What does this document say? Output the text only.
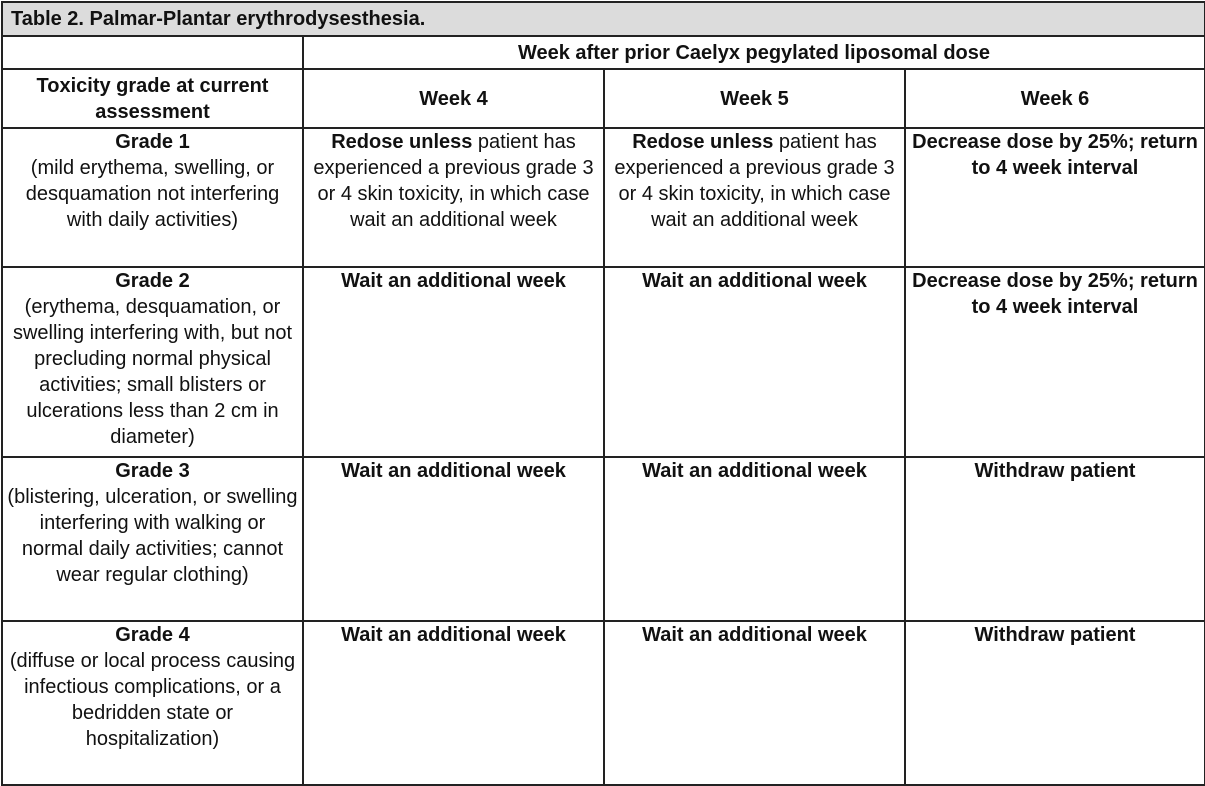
Table 2. Palmar-Plantar erythrodysesthesia.			
	Week after prior Caelyx pegylated liposomal dose		
Toxicity grade at current assessment	Week 4	Week 5	Week 6

Grade 1
(mild erythema, swelling, or desquamation not interfering with daily activities)	Redose unless patient has experienced a previous grade 3 or 4 skin toxicity, in which case wait an additional week	Redose unless patient has experienced a previous grade 3 or 4 skin toxicity, in which case wait an additional week	Decrease dose by 25%; return to 4 week interval

Grade 2
(erythema, desquamation, or swelling interfering with, but not precluding normal physical activities; small blisters or ulcerations less than 2 cm in diameter)	Wait an additional week	Wait an additional week	Decrease dose by 25%; return to 4 week interval

Grade 3
(blistering, ulceration, or swelling interfering with walking or normal daily activities; cannot wear regular clothing)	Wait an additional week	Wait an additional week	Withdraw patient

Grade 4
(diffuse or local process causing infectious complications, or a bedridden state or hospitalization)	Wait an additional week	Wait an additional week	Withdraw patient
